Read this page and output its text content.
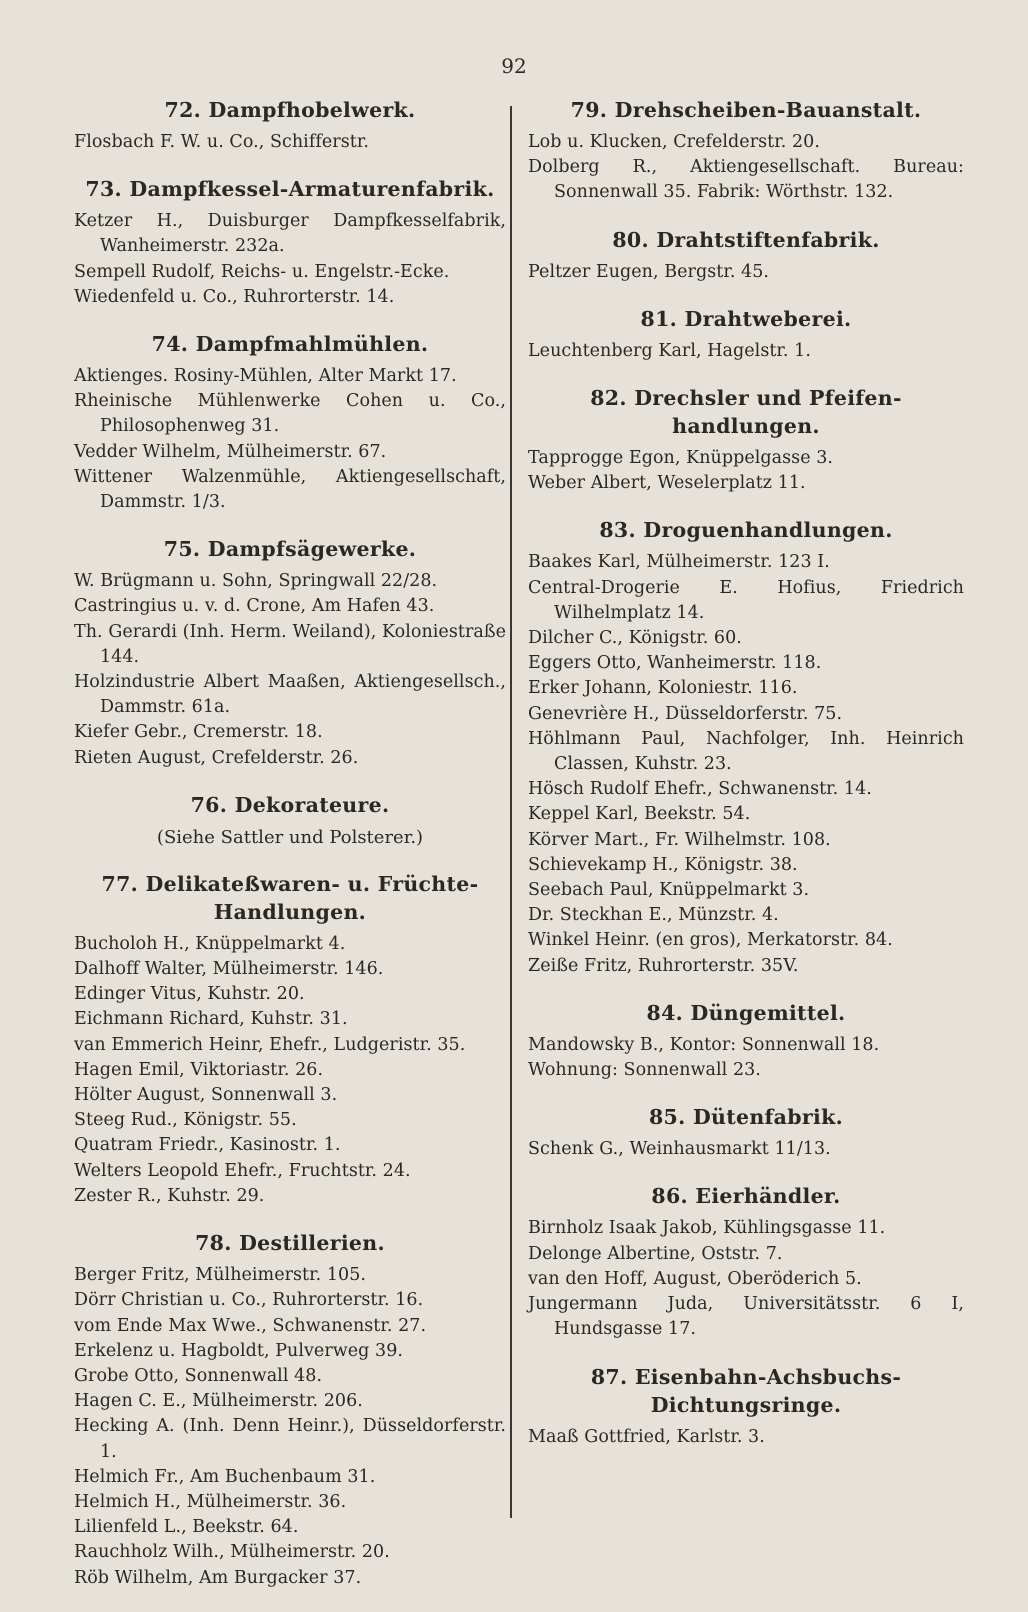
92
72. Dampfhobelwerk.
Flosbach F. W. u. Co., Schifferstr.
73. Dampfkessel-Armaturenfabrik.
Ketzer H., Duisburger Dampfkesselfabrik, Wanheimerstr. 232a.
Sempell Rudolf, Reichs- u. Engelstr.-Ecke.
Wiedenfeld u. Co., Ruhrorterstr. 14.
74. Dampfmahlmühlen.
Aktienges. Rosiny-Mühlen, Alter Markt 17.
Rheinische Mühlenwerke Cohen u. Co., Philosophenweg 31.
Vedder Wilhelm, Mülheimerstr. 67.
Wittener Walzenmühle, Aktiengesellschaft, Dammstr. 1/3.
75. Dampfsägewerke.
W. Brügmann u. Sohn, Springwall 22/28.
Castringius u. v. d. Crone, Am Hafen 43.
Th. Gerardi (Inh. Herm. Weiland), Koloniestraße 144.
Holzindustrie Albert Maaßen, Aktiengesellsch., Dammstr. 61a.
Kiefer Gebr., Cremerstr. 18.
Rieten August, Crefelderstr. 26.
76. Dekorateure.
(Siehe Sattler und Polsterer.)
77. Delikateßwaren- u. Früchte-
Handlungen.
Bucholoh H., Knüppelmarkt 4.
Dalhoff Walter, Mülheimerstr. 146.
Edinger Vitus, Kuhstr. 20.
Eichmann Richard, Kuhstr. 31.
van Emmerich Heinr, Ehefr., Ludgeristr. 35.
Hagen Emil, Viktoriastr. 26.
Hölter August, Sonnenwall 3.
Steeg Rud., Königstr. 55.
Quatram Friedr., Kasinostr. 1.
Welters Leopold Ehefr., Fruchtstr. 24.
Zester R., Kuhstr. 29.
78. Destillerien.
Berger Fritz, Mülheimerstr. 105.
Dörr Christian u. Co., Ruhrorterstr. 16.
vom Ende Max Wwe., Schwanenstr. 27.
Erkelenz u. Hagboldt, Pulverweg 39.
Grobe Otto, Sonnenwall 48.
Hagen C. E., Mülheimerstr. 206.
Hecking A. (Inh. Denn Heinr.), Düsseldorferstr. 1.
Helmich Fr., Am Buchenbaum 31.
Helmich H., Mülheimerstr. 36.
Lilienfeld L., Beekstr. 64.
Rauchholz Wilh., Mülheimerstr. 20.
Röb Wilhelm, Am Burgacker 37.
79. Drehscheiben-Bauanstalt.
Lob u. Klucken, Crefelderstr. 20.
Dolberg R., Aktiengesellschaft. Bureau: Sonnenwall 35. Fabrik: Wörthstr. 132.
80. Drahtstiftenfabrik.
Peltzer Eugen, Bergstr. 45.
81. Drahtweberei.
Leuchtenberg Karl, Hagelstr. 1.
82. Drechsler und Pfeifen-
handlungen.
Tapprogge Egon, Knüppelgasse 3.
Weber Albert, Weselerplatz 11.
83. Droguenhandlungen.
Baakes Karl, Mülheimerstr. 123 I.
Central-Drogerie E. Hofius, Friedrich Wilhelmplatz 14.
Dilcher C., Königstr. 60.
Eggers Otto, Wanheimerstr. 118.
Erker Johann, Koloniestr. 116.
Genevrière H., Düsseldorferstr. 75.
Höhlmann Paul, Nachfolger, Inh. Heinrich Classen, Kuhstr. 23.
Hösch Rudolf Ehefr., Schwanenstr. 14.
Keppel Karl, Beekstr. 54.
Körver Mart., Fr. Wilhelmstr. 108.
Schievekamp H., Königstr. 38.
Seebach Paul, Knüppelmarkt 3.
Dr. Steckhan E., Münzstr. 4.
Winkel Heinr. (en gros), Merkatorstr. 84.
Zeiße Fritz, Ruhrorterstr. 35V.
84. Düngemittel.
Mandowsky B., Kontor: Sonnenwall 18.
Wohnung: Sonnenwall 23.
85. Dütenfabrik.
Schenk G., Weinhausmarkt 11/13.
86. Eierhändler.
Birnholz Isaak Jakob, Kühlingsgasse 11.
Delonge Albertine, Oststr. 7.
van den Hoff, August, Oberöderich 5.
Jungermann Juda, Universitätsstr. 6 I, Hundsgasse 17.
87. Eisenbahn-Achsbuchs-
Dichtungsringe.
Maaß Gottfried, Karlstr. 3.
